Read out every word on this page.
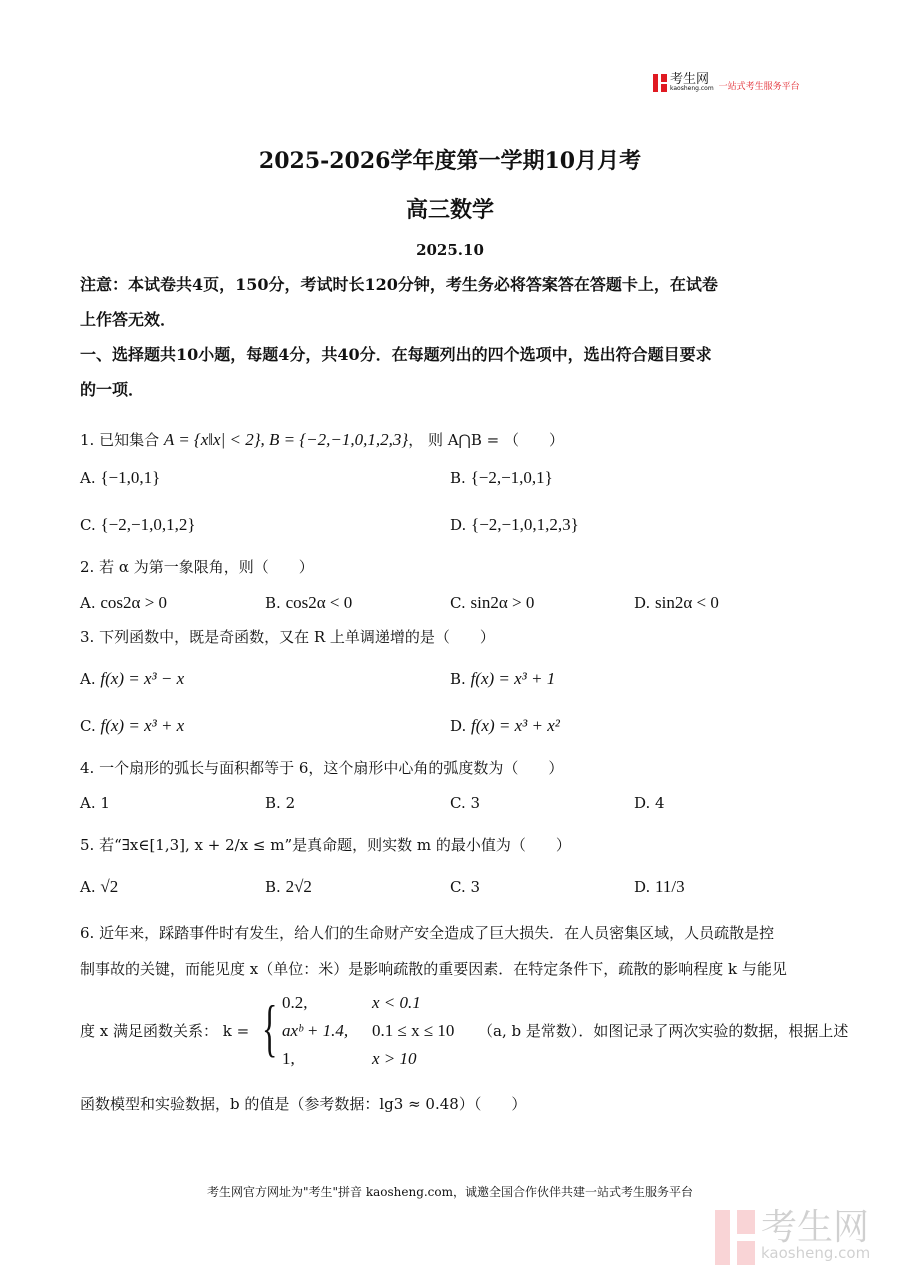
考生网
kaosheng.com 一站式考生服务平台
2025-2026学年度第一学期10月月考
高三数学
2025.10
注意：本试卷共4页，150分，考试时长120分钟，考生务必将答案答在答题卡上，在试卷
上作答无效．
一、选择题共10小题，每题4分，共40分．在每题列出的四个选项中，选出符合题目要求
的一项．
1. 已知集合 A = {x‖x| < 2}, B = {−2,−1,0,1,2,3}， 则 A⋂B = （　　）
A. {−1,0,1}	B. {−2,−1,0,1}
C. {−2,−1,0,1,2}	D. {−2,−1,0,1,2,3}
2. 若 α 为第一象限角，则（　　）
A. cos2α > 0	B. cos2α < 0	C. sin2α > 0	D. sin2α < 0
3. 下列函数中，既是奇函数，又在 R 上单调递增的是（　　）
A. f(x) = x³ − x	B. f(x) = x³ + 1
C. f(x) = x³ + x	D. f(x) = x³ + x²
4. 一个扇形的弧长与面积都等于 6，这个扇形中心角的弧度数为（　　）
A. 1	B. 2	C. 3	D. 4
5. 若“∃x∈[1,3], x + 2/x ≤ m”是真命题，则实数 m 的最小值为（　　）
A. √2	B. 2√2	C. 3	D. 11/3
6. 近年来，踩踏事件时有发生，给人们的生命财产安全造成了巨大损失．在人员密集区域，人员疏散是控
制事故的关键，而能见度 x（单位：米）是影响疏散的重要因素．在特定条件下，疏散的影响程度 k 与能见
度 x 满足函数关系： k = { 0.2,	x < 0.1
axᵇ + 1.4, 0.1 ≤ x ≤ 10 （a, b 是常数）．如图记录了两次实验的数据，根据上述
1,	x > 10
函数模型和实验数据，b 的值是（参考数据：lg3 ≈ 0.48）（　　）
考生网官方网址为"考生"拼音 kaosheng.com，诚邀全国合作伙伴共建一站式考生服务平台
考生网
kaosheng.com
